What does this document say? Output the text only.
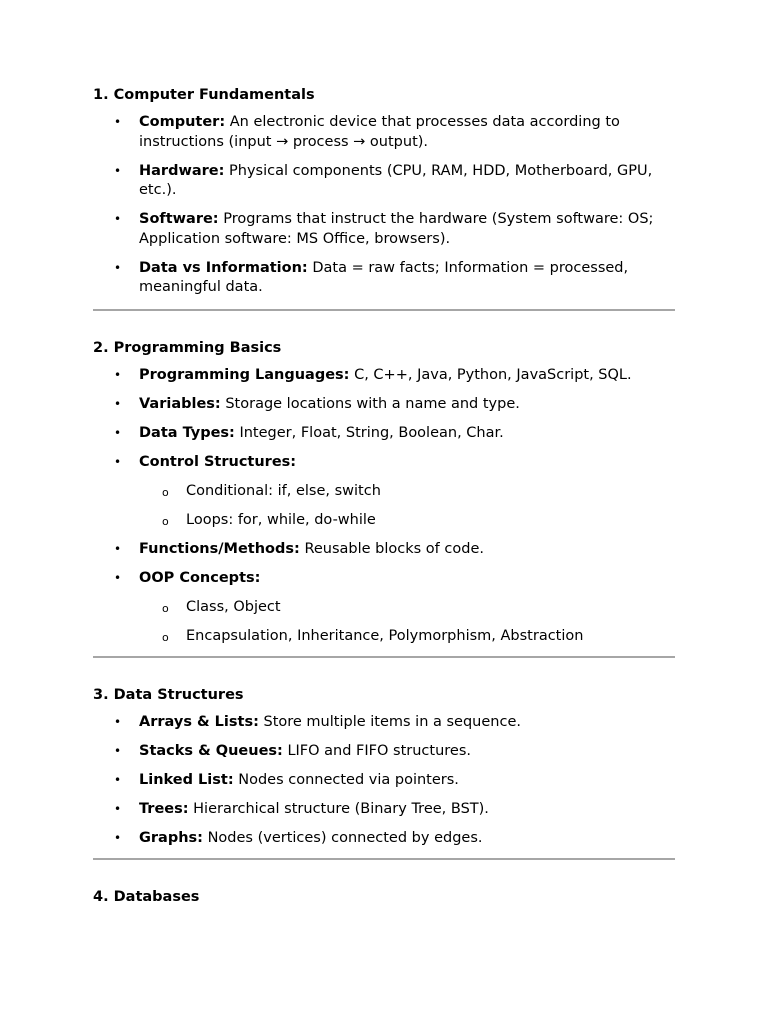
1. Computer Fundamentals
• Computer: An electronic device that processes data according to instructions (input → process → output).
• Hardware: Physical components (CPU, RAM, HDD, Motherboard, GPU, etc.).
• Software: Programs that instruct the hardware (System software: OS; Application software: MS Office, browsers).
• Data vs Information: Data = raw facts; Information = processed, meaningful data.
2. Programming Basics
• Programming Languages: C, C++, Java, Python, JavaScript, SQL.
• Variables: Storage locations with a name and type.
• Data Types: Integer, Float, String, Boolean, Char.
• Control Structures:
o Conditional: if, else, switch
o Loops: for, while, do-while
• Functions/Methods: Reusable blocks of code.
• OOP Concepts:
o Class, Object
o Encapsulation, Inheritance, Polymorphism, Abstraction
3. Data Structures
• Arrays & Lists: Store multiple items in a sequence.
• Stacks & Queues: LIFO and FIFO structures.
• Linked List: Nodes connected via pointers.
• Trees: Hierarchical structure (Binary Tree, BST).
• Graphs: Nodes (vertices) connected by edges.
4. Databases
